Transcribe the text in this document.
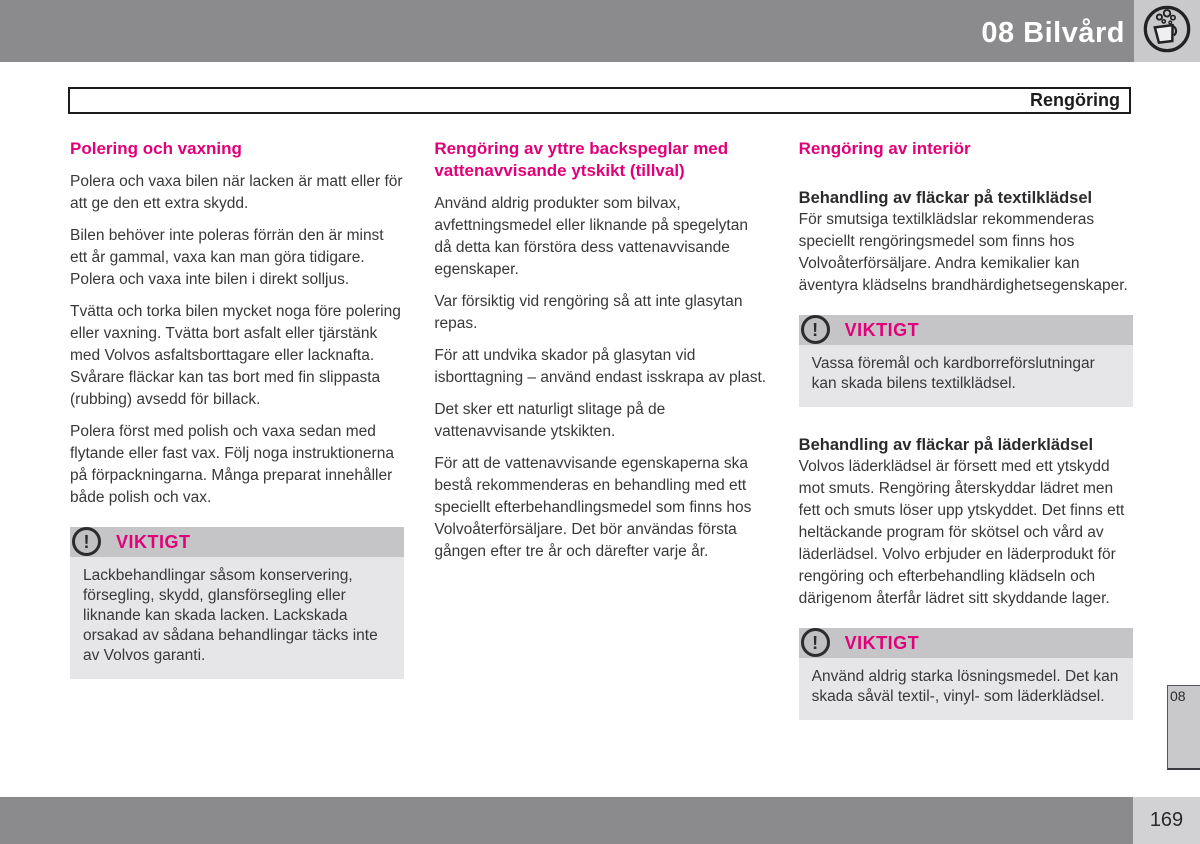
08 Bilvård
Rengöring
Polering och vaxning

Polera och vaxa bilen när lacken är matt eller för att ge den ett extra skydd.

Bilen behöver inte poleras förrän den är minst ett år gammal, vaxa kan man göra tidigare. Polera och vaxa inte bilen i direkt solljus.

Tvätta och torka bilen mycket noga före polering eller vaxning. Tvätta bort asfalt eller tjärstänk med Volvos asfaltsborttagare eller lacknafta. Svårare fläckar kan tas bort med fin slippasta (rubbing) avsedd för billack.

Polera först med polish och vaxa sedan med flytande eller fast vax. Följ noga instruktionerna på förpackningarna. Många preparat innehåller både polish och vax.

! VIKTIGT
Lackbehandlingar såsom konservering, försegling, skydd, glansförsegling eller liknande kan skada lacken. Lackskada orsakad av sådana behandlingar täcks inte av Volvos garanti.
Rengöring av yttre backspeglar med vattenavvisande ytskikt (tillval)

Använd aldrig produkter som bilvax, avfettningsmedel eller liknande på spegelytan då detta kan förstöra dess vattenavvisande egenskaper.

Var försiktig vid rengöring så att inte glasytan repas.

För att undvika skador på glasytan vid isborttagning – använd endast isskrapa av plast.

Det sker ett naturligt slitage på de vattenavvisande ytskikten.

För att de vattenavvisande egenskaperna ska bestå rekommenderas en behandling med ett speciellt efterbehandlingsmedel som finns hos Volvoåterförsäljare. Det bör användas första gången efter tre år och därefter varje år.

Rengöring av interiör
Behandling av fläckar på textilklädsel

För smutsiga textilklädslar rekommenderas speciellt rengöringsmedel som finns hos Volvoåterförsäljare. Andra kemikalier kan äventyra klädselns brandhärdighetsegenskaper.

! VIKTIGT
Vassa föremål och kardborreförslutningar kan skada bilens textilklädsel.
Behandling av fläckar på läderklädsel

Volvos läderklädsel är försett med ett ytskydd mot smuts. Rengöring återskyddar lädret men fett och smuts löser upp ytskyddet. Det finns ett heltäckande program för skötsel och vård av läderlädsel. Volvo erbjuder en läderprodukt för rengöring och efterbehandling klädseln och därigenom återfår lädret sitt skyddande lager.

! VIKTIGT
Använd aldrig starka lösningsmedel. Det kan skada såväl textil-, vinyl- som läderklädsel.	08
169
